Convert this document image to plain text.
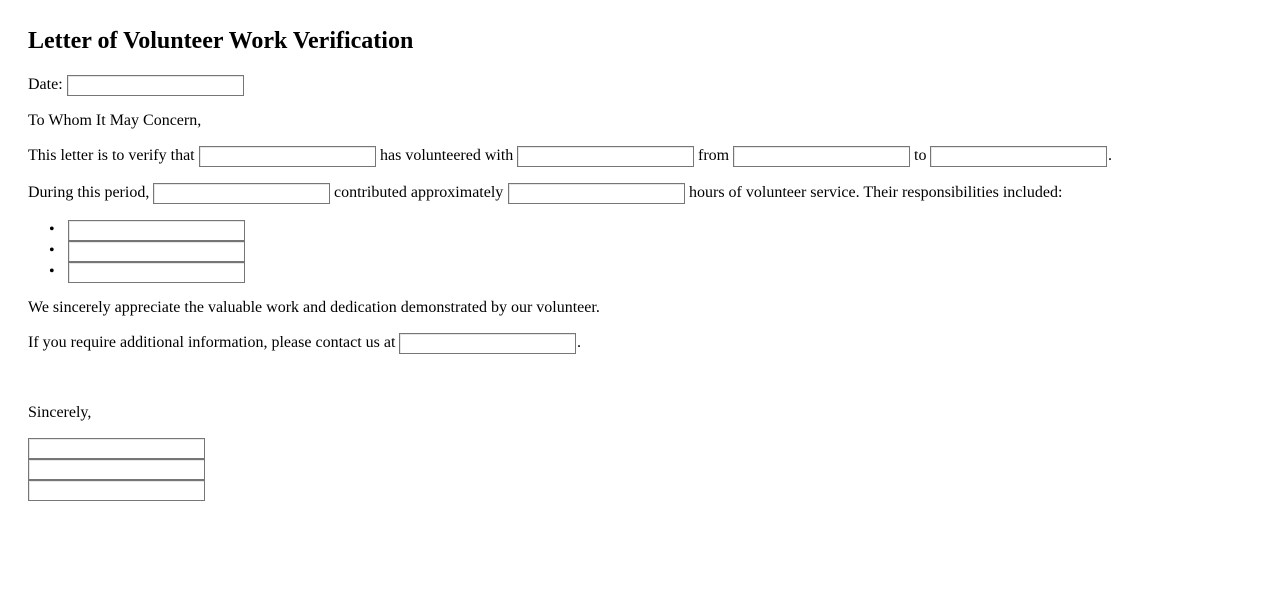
Letter of Volunteer Work Verification
Date:
To Whom It May Concern,
This letter is to verify that	has volunteered with	from	to	.
During this period,	contributed approximately	hours of volunteer service. Their responsibilities included:
•
•
•
We sincerely appreciate the valuable work and dedication demonstrated by our volunteer.
If you require additional information, please contact us at	.
Sincerely,
